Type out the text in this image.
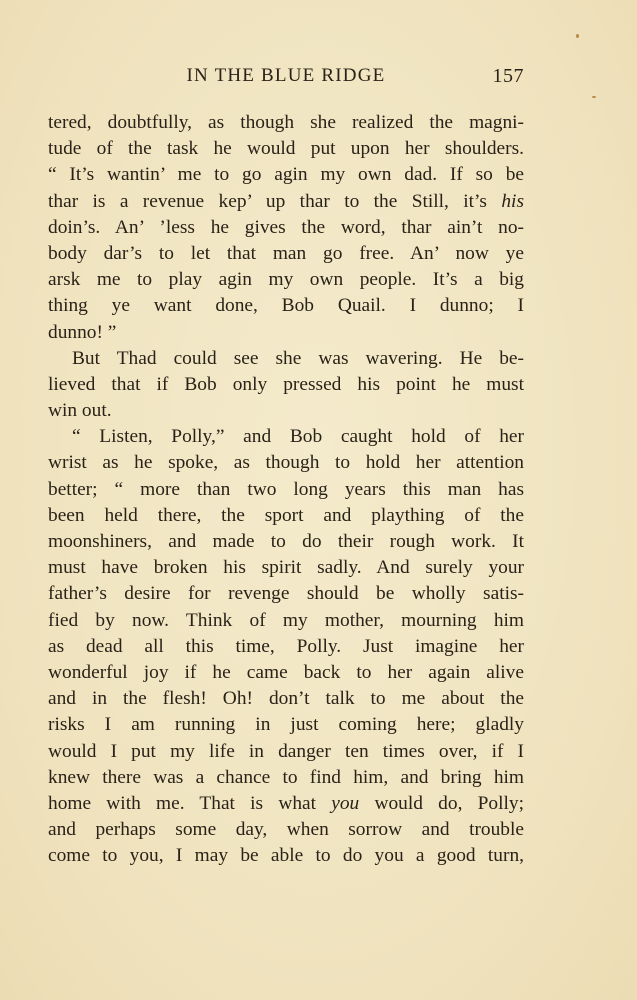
IN THE BLUE RIDGE	157
tered, doubtfully, as though she realized the magni-
tude of the task he would put upon her shoulders.
“ It’s wantin’ me to go agin my own dad. If so be
thar is a revenue kep’ up thar to the Still, it’s his
doin’s. An’ ’less he gives the word, thar ain’t no-
body dar’s to let that man go free. An’ now ye
arsk me to play agin my own people. It’s a big
thing ye want done, Bob Quail. I dunno; I
dunno! ”
But Thad could see she was wavering. He be-
lieved that if Bob only pressed his point he must
win out.
“ Listen, Polly,” and Bob caught hold of her
wrist as he spoke, as though to hold her attention
better; “ more than two long years this man has
been held there, the sport and plaything of the
moonshiners, and made to do their rough work. It
must have broken his spirit sadly. And surely your
father’s desire for revenge should be wholly satis-
fied by now. Think of my mother, mourning him
as dead all this time, Polly. Just imagine her
wonderful joy if he came back to her again alive
and in the flesh! Oh! don’t talk to me about the
risks I am running in just coming here; gladly
would I put my life in danger ten times over, if I
knew there was a chance to find him, and bring him
home with me. That is what you would do, Polly;
and perhaps some day, when sorrow and trouble
come to you, I may be able to do you a good turn,
